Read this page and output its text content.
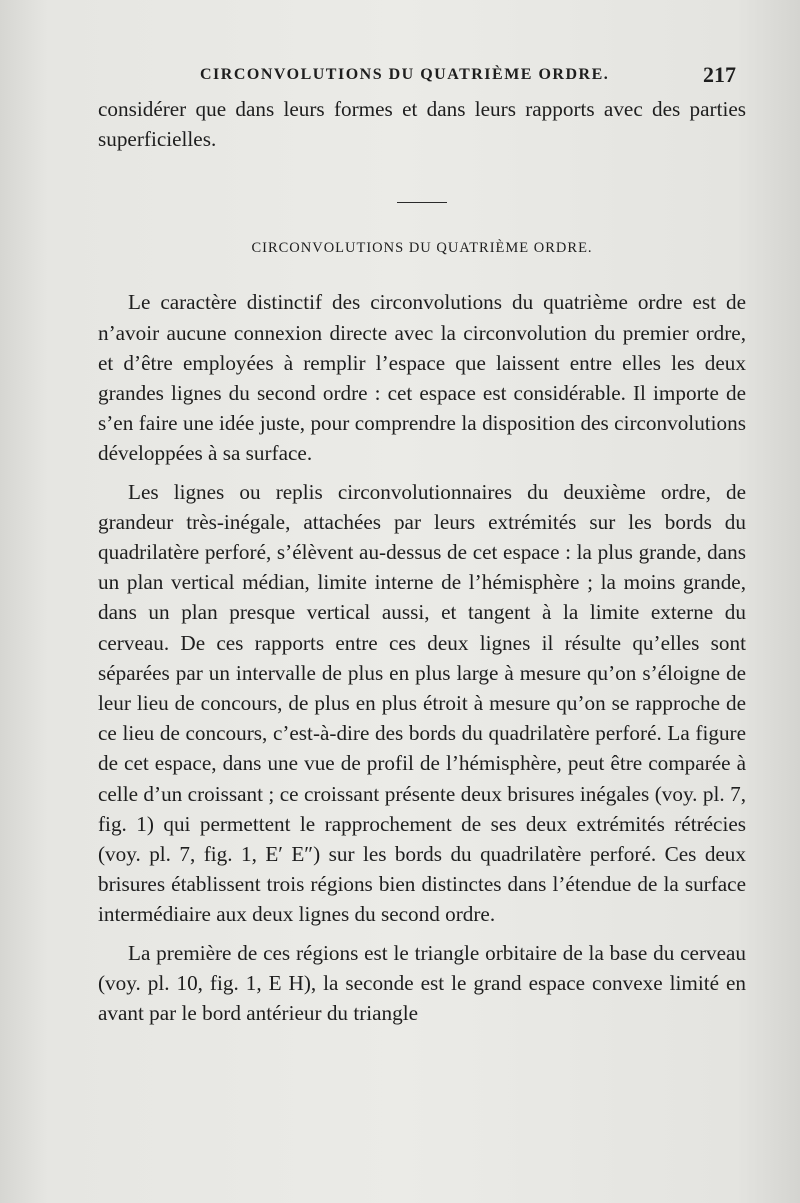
CIRCONVOLUTIONS DU QUATRIÈME ORDRE.	217

considérer que dans leurs formes et dans leurs rapports avec des parties superficielles.

CIRCONVOLUTIONS DU QUATRIÈME ORDRE.

Le caractère distinctif des circonvolutions du quatrième ordre est de n’avoir aucune connexion directe avec la circonvolution du premier ordre, et d’être employées à remplir l’espace que laissent entre elles les deux grandes lignes du second ordre : cet espace est considérable. Il importe de s’en faire une idée juste, pour comprendre la disposition des circonvolutions développées à sa surface.

Les lignes ou replis circonvolutionnaires du deuxième ordre, de grandeur très-inégale, attachées par leurs extrémités sur les bords du quadrilatère perforé, s’élèvent au-dessus de cet espace : la plus grande, dans un plan vertical médian, limite interne de l’hémisphère ; la moins grande, dans un plan presque vertical aussi, et tangent à la limite externe du cerveau. De ces rapports entre ces deux lignes il résulte qu’elles sont séparées par un intervalle de plus en plus large à mesure qu’on s’éloigne de leur lieu de concours, de plus en plus étroit à mesure qu’on se rapproche de ce lieu de concours, c’est-à-dire des bords du quadrilatère perforé. La figure de cet espace, dans une vue de profil de l’hémisphère, peut être comparée à celle d’un croissant ; ce croissant présente deux brisures inégales (voy. pl. 7, fig. 1) qui permettent le rapprochement de ses deux extrémités rétrécies (voy. pl. 7, fig. 1, E′ E″) sur les bords du quadrilatère perforé. Ces deux brisures établissent trois régions bien distinctes dans l’étendue de la surface intermédiaire aux deux lignes du second ordre.

La première de ces régions est le triangle orbitaire de la base du cerveau (voy. pl. 10, fig. 1, E H), la seconde est le grand espace convexe limité en avant par le bord antérieur du triangle
